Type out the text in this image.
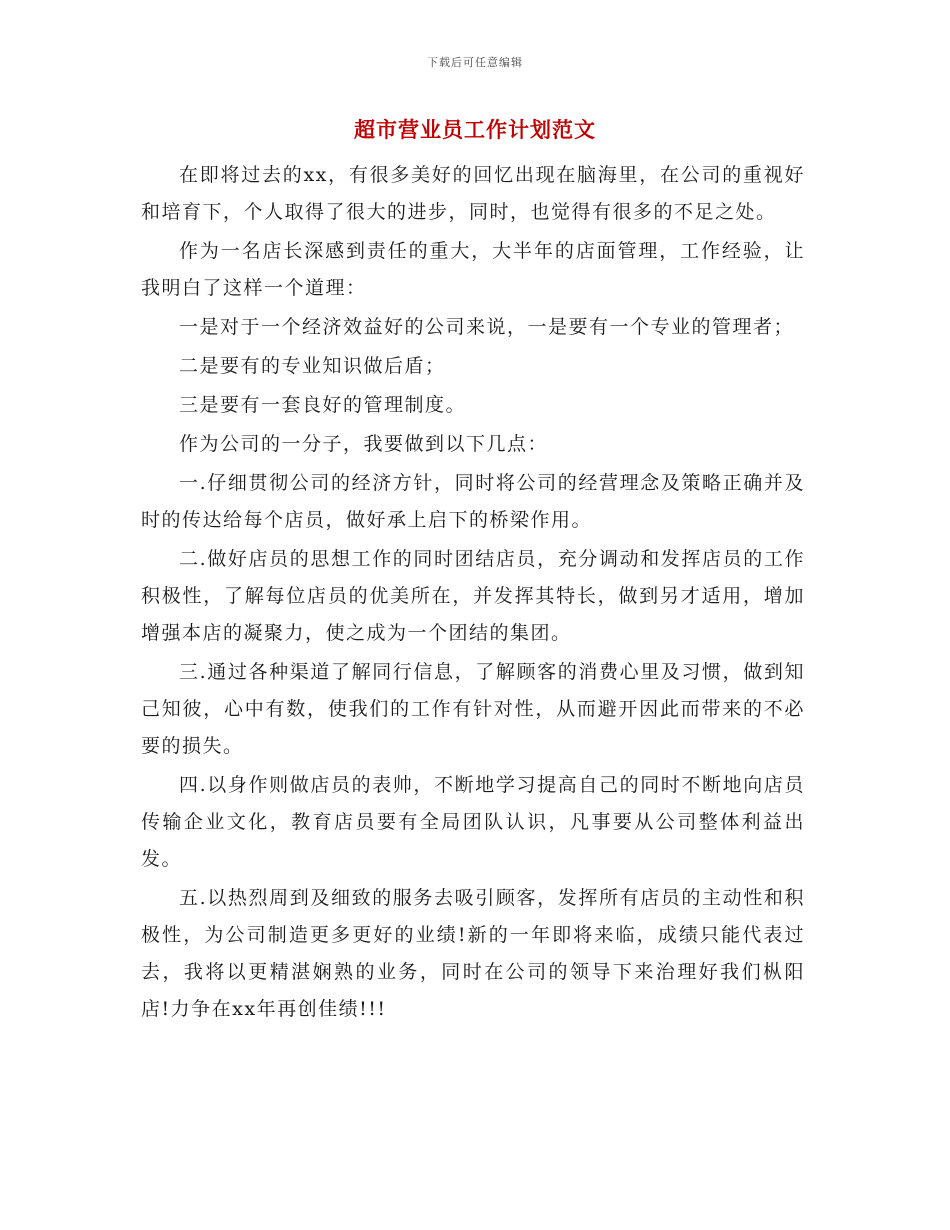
下载后可任意编辑
超市营业员工作计划范文

在即将过去的xx，有很多美好的回忆出现在脑海里，在公司的重视好和培育下，个人取得了很大的进步，同时，也觉得有很多的不足之处。

作为一名店长深感到责任的重大，大半年的店面管理，工作经验，让我明白了这样一个道理：

一是对于一个经济效益好的公司来说，一是要有一个专业的管理者；

二是要有的专业知识做后盾；

三是要有一套良好的管理制度。

作为公司的一分子，我要做到以下几点：

一.仔细贯彻公司的经济方针，同时将公司的经营理念及策略正确并及时的传达给每个店员，做好承上启下的桥梁作用。

二.做好店员的思想工作的同时团结店员，充分调动和发挥店员的工作积极性，了解每位店员的优美所在，并发挥其特长，做到另才适用，增加增强本店的凝聚力，使之成为一个团结的集团。

三.通过各种渠道了解同行信息，了解顾客的消费心里及习惯，做到知己知彼，心中有数，使我们的工作有针对性，从而避开因此而带来的不必要的损失。

四.以身作则做店员的表帅，不断地学习提高自己的同时不断地向店员传输企业文化，教育店员要有全局团队认识，凡事要从公司整体利益出发。

五.以热烈周到及细致的服务去吸引顾客，发挥所有店员的主动性和积极性，为公司制造更多更好的业绩!新的一年即将来临，成绩只能代表过去，我将以更精湛娴熟的业务，同时在公司的领导下来治理好我们枞阳店!力争在xx年再创佳绩!!!
